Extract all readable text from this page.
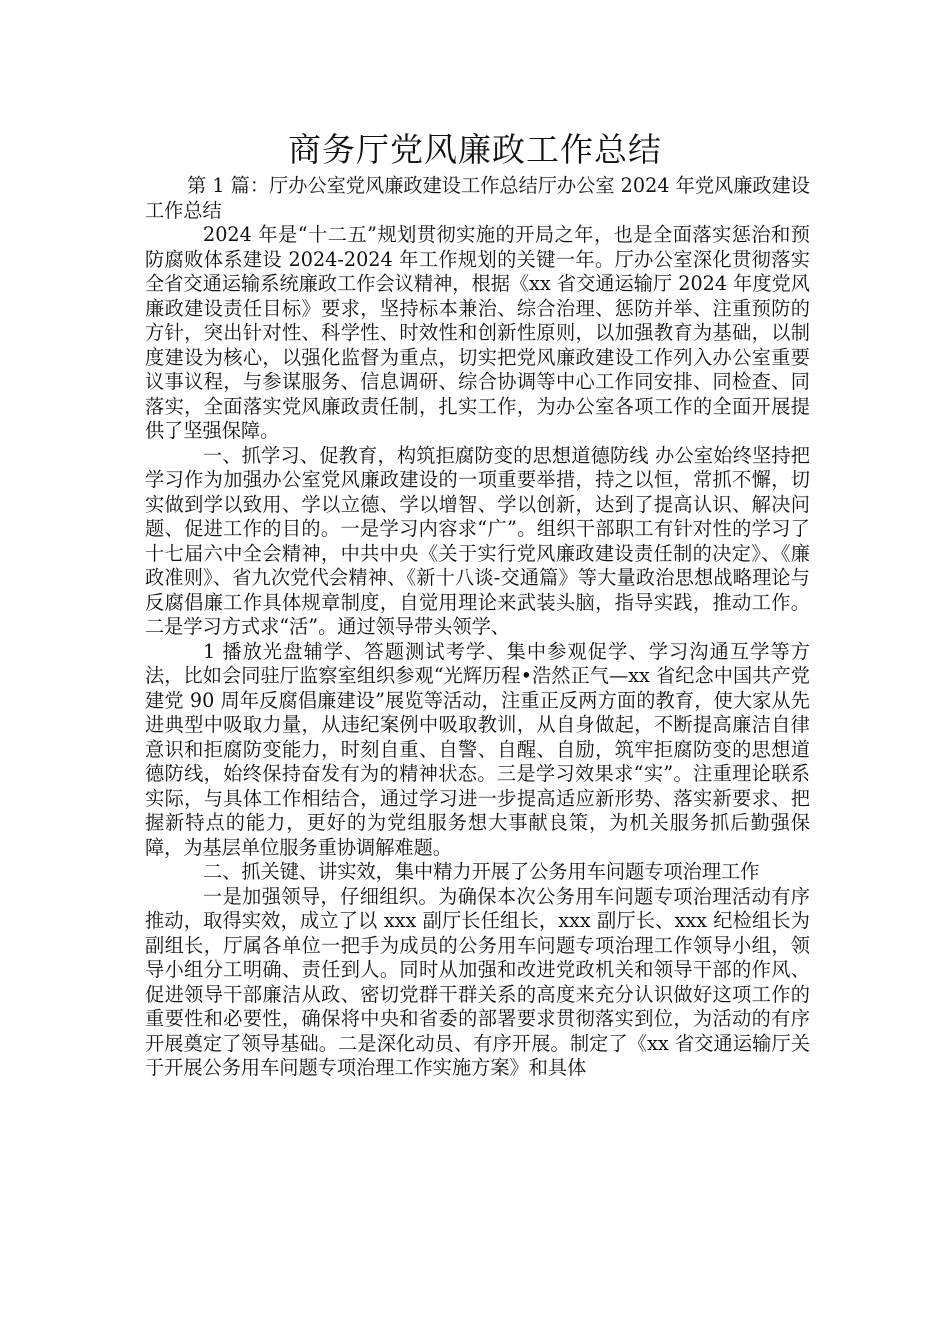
商务厅党风廉政工作总结

第 1 篇：厅办公室党风廉政建设工作总结厅办公室 2024 年党风廉政建设工作总结

2024 年是“十二五”规划贯彻实施的开局之年，也是全面落实惩治和预防腐败体系建设 2024-2024 年工作规划的关键一年。厅办公室深化贯彻落实全省交通运输系统廉政工作会议精神，根据《xx 省交通运输厅 2024 年度党风廉政建设责任目标》要求，坚持标本兼治、综合治理、惩防并举、注重预防的方针，突出针对性、科学性、时效性和创新性原则，以加强教育为基础，以制度建设为核心，以强化监督为重点，切实把党风廉政建设工作列入办公室重要议事议程，与参谋服务、信息调研、综合协调等中心工作同安排、同检查、同落实，全面落实党风廉政责任制，扎实工作，为办公室各项工作的全面开展提供了坚强保障。

一、抓学习、促教育，构筑拒腐防变的思想道德防线 办公室始终坚持把学习作为加强办公室党风廉政建设的一项重要举措，持之以恒，常抓不懈，切实做到学以致用、学以立德、学以增智、学以创新，达到了提高认识、解决问题、促进工作的目的。一是学习内容求“广”。组织干部职工有针对性的学习了十七届六中全会精神，中共中央《关于实行党风廉政建设责任制的决定》、《廉政准则》、省九次党代会精神、《新十八谈-交通篇》等大量政治思想战略理论与反腐倡廉工作具体规章制度，自觉用理论来武装头脑，指导实践，推动工作。二是学习方式求“活”。通过领导带头领学、

1 播放光盘辅学、答题测试考学、集中参观促学、学习沟通互学等方法，比如会同驻厅监察室组织参观“光辉历程•浩然正气—xx 省纪念中国共产党建党 90 周年反腐倡廉建设”展览等活动，注重正反两方面的教育，使大家从先进典型中吸取力量，从违纪案例中吸取教训，从自身做起，不断提高廉洁自律意识和拒腐防变能力，时刻自重、自警、自醒、自励，筑牢拒腐防变的思想道德防线，始终保持奋发有为的精神状态。三是学习效果求“实”。注重理论联系实际，与具体工作相结合，通过学习进一步提高适应新形势、落实新要求、把握新特点的能力，更好的为党组服务想大事献良策，为机关服务抓后勤强保障，为基层单位服务重协调解难题。

二、抓关键、讲实效，集中精力开展了公务用车问题专项治理工作

一是加强领导，仔细组织。为确保本次公务用车问题专项治理活动有序推动，取得实效，成立了以 xxx 副厅长任组长，xxx 副厅长、xxx 纪检组长为副组长，厅属各单位一把手为成员的公务用车问题专项治理工作领导小组，领导小组分工明确、责任到人。同时从加强和改进党政机关和领导干部的作风、促进领导干部廉洁从政、密切党群干群关系的高度来充分认识做好这项工作的重要性和必要性，确保将中央和省委的部署要求贯彻落实到位，为活动的有序开展奠定了领导基础。二是深化动员、有序开展。制定了《xx 省交通运输厅关于开展公务用车问题专项治理工作实施方案》和具体
